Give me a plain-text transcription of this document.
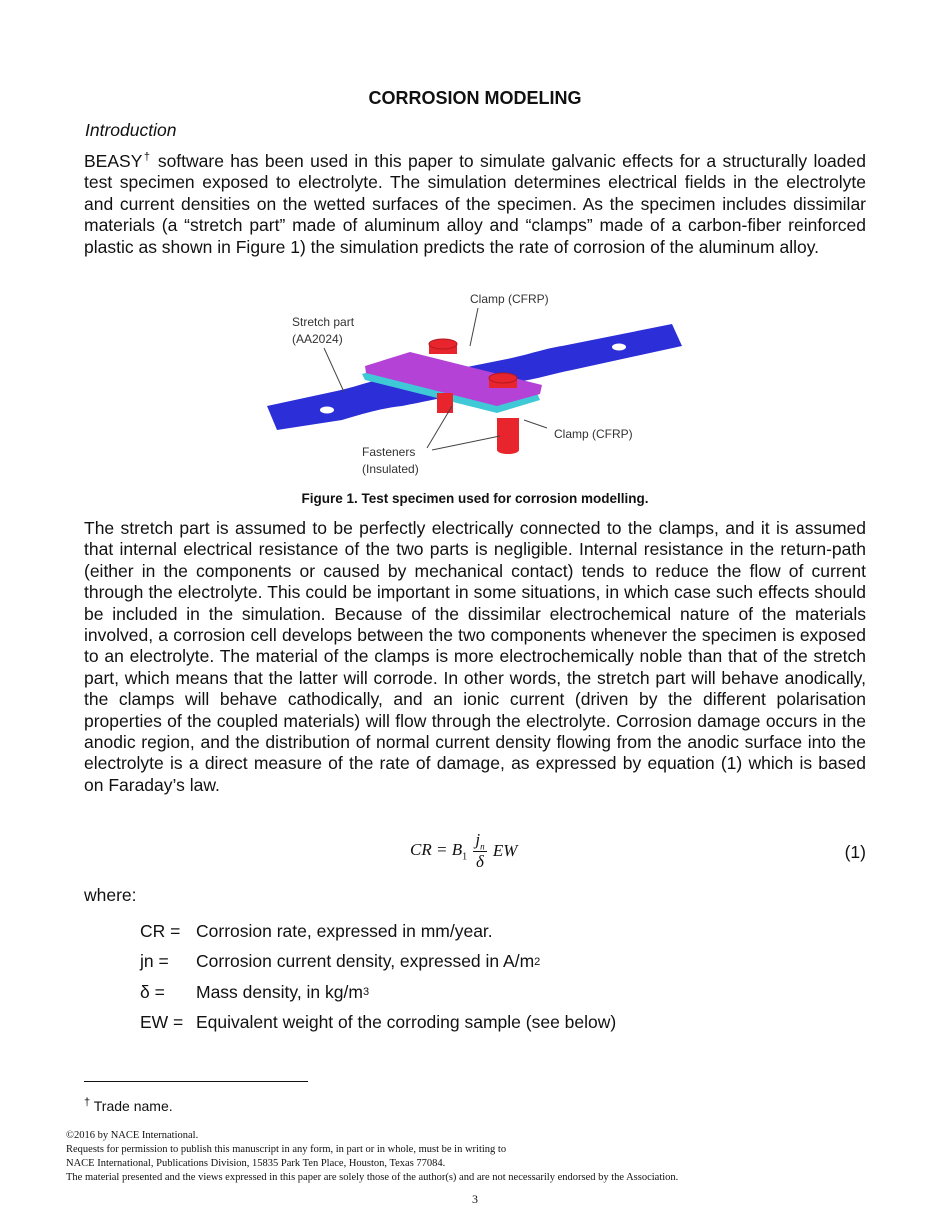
CORROSION MODELING
Introduction

BEASY† software has been used in this paper to simulate galvanic effects for a structurally loaded test specimen exposed to electrolyte. The simulation determines electrical fields in the electrolyte and current densities on the wetted surfaces of the specimen. As the specimen includes dissimilar materials (a “stretch part” made of aluminum alloy and “clamps” made of a carbon-fiber reinforced plastic as shown in Figure 1) the simulation predicts the rate of corrosion of the aluminum alloy.

Stretch part
(AA2024)
Clamp (CFRP)
Clamp (CFRP)
Fasteners
(Insulated)
Figure 1. Test specimen used for corrosion modelling.

The stretch part is assumed to be perfectly electrically connected to the clamps, and it is assumed that internal electrical resistance of the two parts is negligible. Internal resistance in the return-path (either in the components or caused by mechanical contact) tends to reduce the flow of current through the electrolyte. This could be important in some situations, in which case such effects should be included in the simulation. Because of the dissimilar electrochemical nature of the materials involved, a corrosion cell develops between the two components whenever the specimen is exposed to an electrolyte. The material of the clamps is more electrochemically noble than that of the stretch part, which means that the latter will corrode. In other words, the stretch part will behave anodically, the clamps will behave cathodically, and an ionic current (driven by the different polarisation properties of the coupled materials) will flow through the electrolyte. Corrosion damage occurs in the anodic region, and the distribution of normal current density flowing from the anodic surface into the electrolyte is a direct measure of the rate of damage, as expressed by equation (1) which is based on Faraday’s law.

CR = $B_1 \frac{j_n}{\delta}$ EW	(1)
where:
CR = Corrosion rate, expressed in mm/year.
jn =	Corrosion current density, expressed in A/m 2
δ =	Mass density, in kg/m 3
EW = Equivalent weight of the corroding sample (see below)
† Trade name.
©2016 by NACE International.
Requests for permission to publish this manuscript in any form, in part or in whole, must be in writing to
NACE International, Publications Division, 15835 Park Ten Place, Houston, Texas 77084.
The material presented and the views expressed in this paper are solely those of the author(s) and are not necessarily endorsed by the Association.
3
